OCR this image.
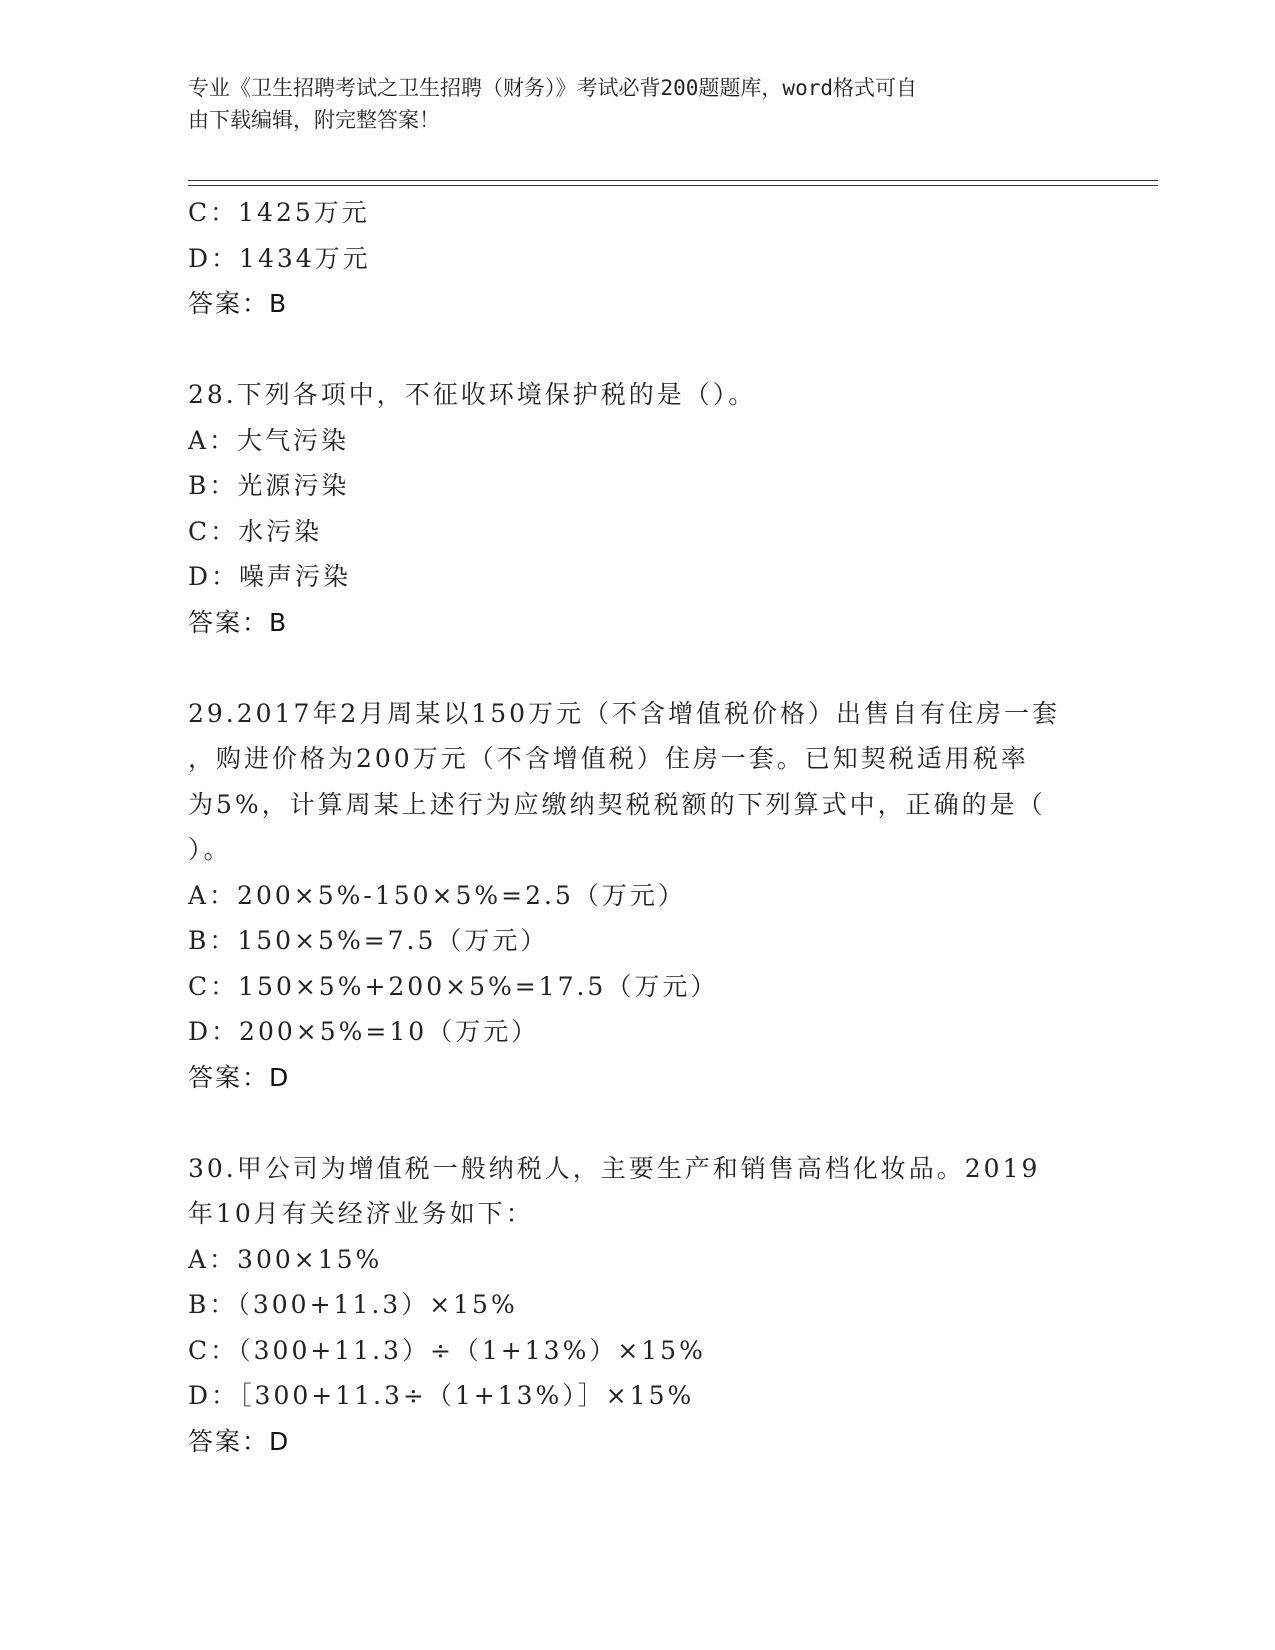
专业《卫生招聘考试之卫生招聘（财务）》考试必背200题题库，word格式可自
由下载编辑，附完整答案！
C：1425万元
D：1434万元
答案：B
28.下列各项中，不征收环境保护税的是（）。
A：大气污染
B：光源污染
C：水污染
D：噪声污染
答案：B
29.2017年2月周某以150万元（不含增值税价格）出售自有住房一套
，购进价格为200万元（不含增值税）住房一套。已知契税适用税率
为5%，计算周某上述行为应缴纳契税税额的下列算式中，正确的是（
）。
A：200×5%-150×5%=2.5（万元）
B：150×5%=7.5（万元）
C：150×5%+200×5%=17.5（万元）
D：200×5%=10（万元）
答案：D
30.甲公司为增值税一般纳税人，主要生产和销售高档化妆品。2019
年10月有关经济业务如下：
A：300×15%
B：（300+11.3）×15%
C：（300+11.3）÷（1+13%）×15%
D：［300+11.3÷（1+13%）］×15%
答案：D
